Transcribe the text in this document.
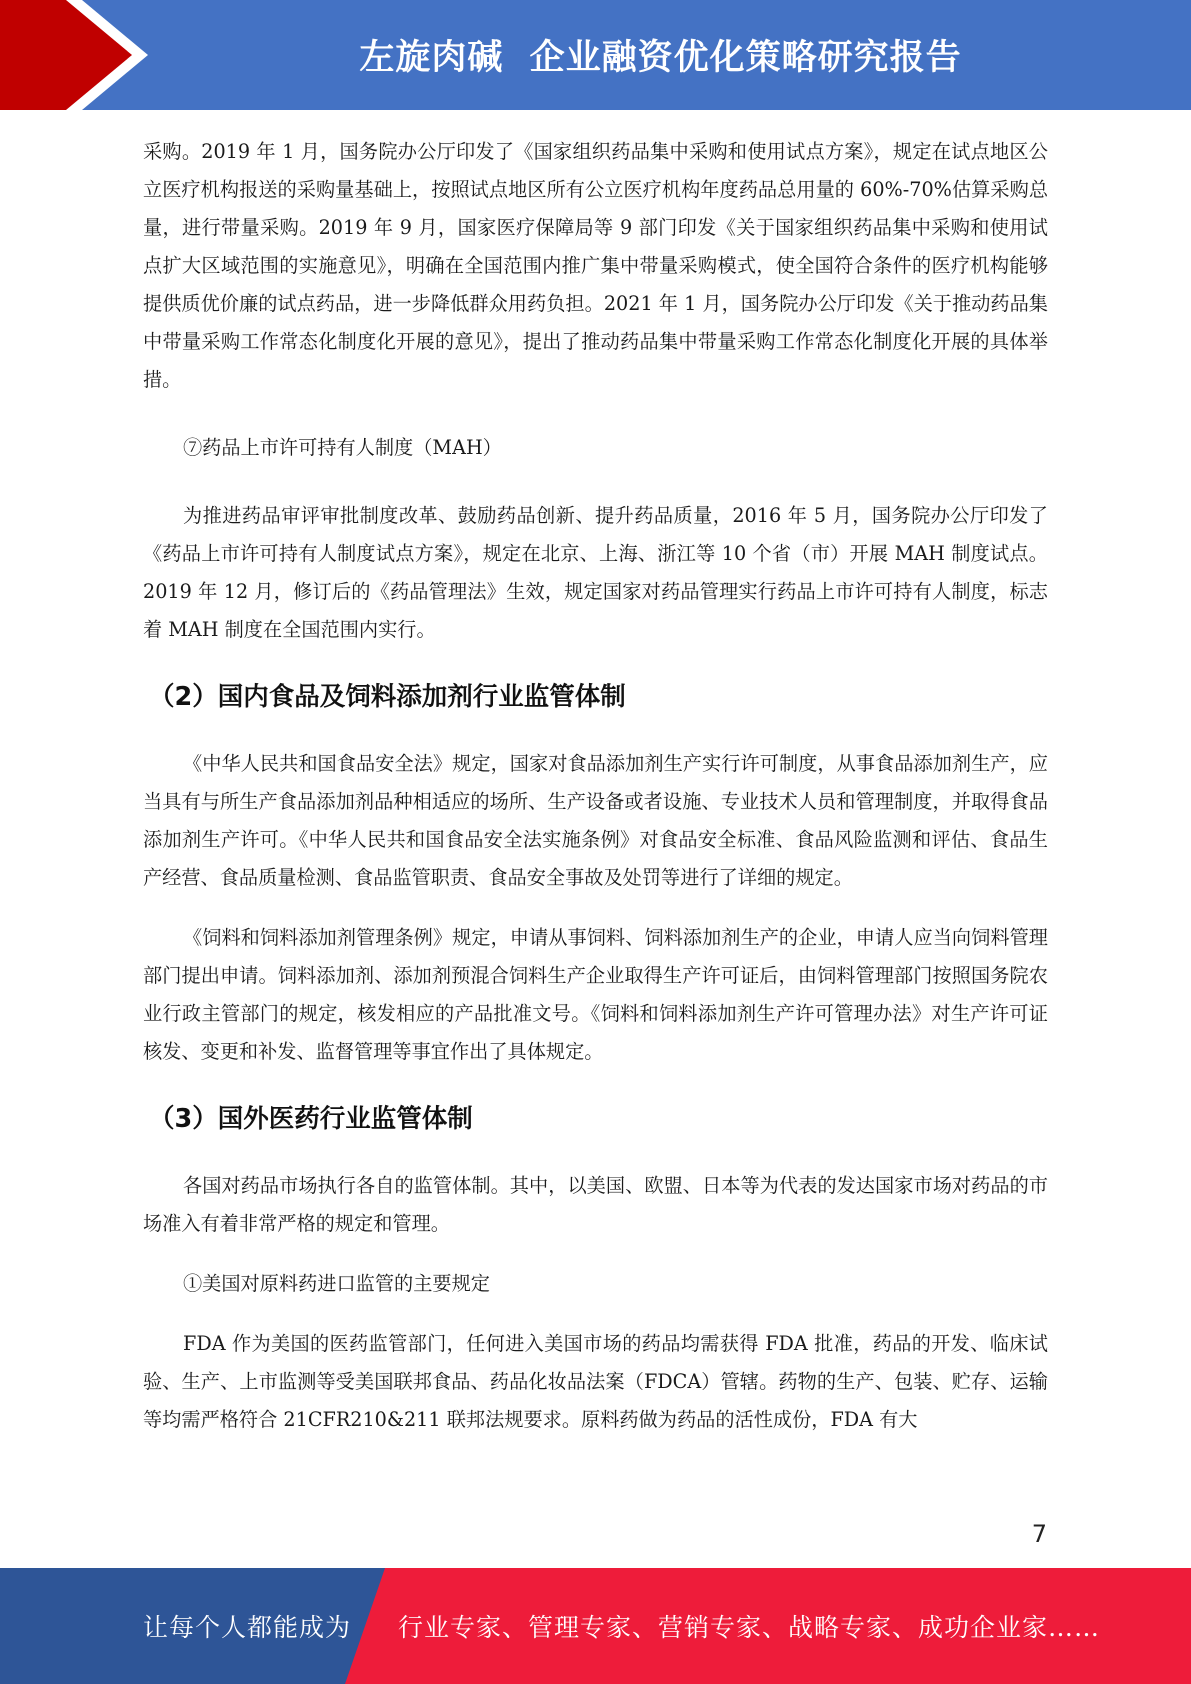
左旋肉碱  企业融资优化策略研究报告

采购。2019 年 1 月，国务院办公厅印发了《国家组织药品集中采购和使用试点方案》，规定在试点地区公立医疗机构报送的采购量基础上，按照试点地区所有公立医疗机构年度药品总用量的 60%-70%估算采购总量，进行带量采购。2019 年 9 月，国家医疗保障局等 9 部门印发《关于国家组织药品集中采购和使用试点扩大区域范围的实施意见》，明确在全国范围内推广集中带量采购模式，使全国符合条件的医疗机构能够提供质优价廉的试点药品，进一步降低群众用药负担。2021 年 1 月，国务院办公厅印发《关于推动药品集中带量采购工作常态化制度化开展的意见》，提出了推动药品集中带量采购工作常态化制度化开展的具体举措。

⑦药品上市许可持有人制度（MAH）

为推进药品审评审批制度改革、鼓励药品创新、提升药品质量，2016 年 5 月，国务院办公厅印发了《药品上市许可持有人制度试点方案》，规定在北京、上海、浙江等 10 个省（市）开展 MAH 制度试点。2019 年 12 月，修订后的《药品管理法》生效，规定国家对药品管理实行药品上市许可持有人制度，标志着 MAH 制度在全国范围内实行。

（2）国内食品及饲料添加剂行业监管体制

《中华人民共和国食品安全法》规定，国家对食品添加剂生产实行许可制度，从事食品添加剂生产，应当具有与所生产食品添加剂品种相适应的场所、生产设备或者设施、专业技术人员和管理制度，并取得食品添加剂生产许可。《中华人民共和国食品安全法实施条例》对食品安全标准、食品风险监测和评估、食品生产经营、食品质量检测、食品监管职责、食品安全事故及处罚等进行了详细的规定。

《饲料和饲料添加剂管理条例》规定，申请从事饲料、饲料添加剂生产的企业，申请人应当向饲料管理部门提出申请。饲料添加剂、添加剂预混合饲料生产企业取得生产许可证后，由饲料管理部门按照国务院农业行政主管部门的规定，核发相应的产品批准文号。《饲料和饲料添加剂生产许可管理办法》对生产许可证核发、变更和补发、监督管理等事宜作出了具体规定。

（3）国外医药行业监管体制

各国对药品市场执行各自的监管体制。其中，以美国、欧盟、日本等为代表的发达国家市场对药品的市场准入有着非常严格的规定和管理。

①美国对原料药进口监管的主要规定

FDA 作为美国的医药监管部门，任何进入美国市场的药品均需获得 FDA 批准，药品的开发、临床试验、生产、上市监测等受美国联邦食品、药品化妆品法案（FDCA）管辖。药物的生产、包装、贮存、运输等均需严格符合 21CFR210&211 联邦法规要求。原料药做为药品的活性成份，FDA 有大

7
让每个人都能成为 行业专家、管理专家、营销专家、战略专家、成功企业家……
